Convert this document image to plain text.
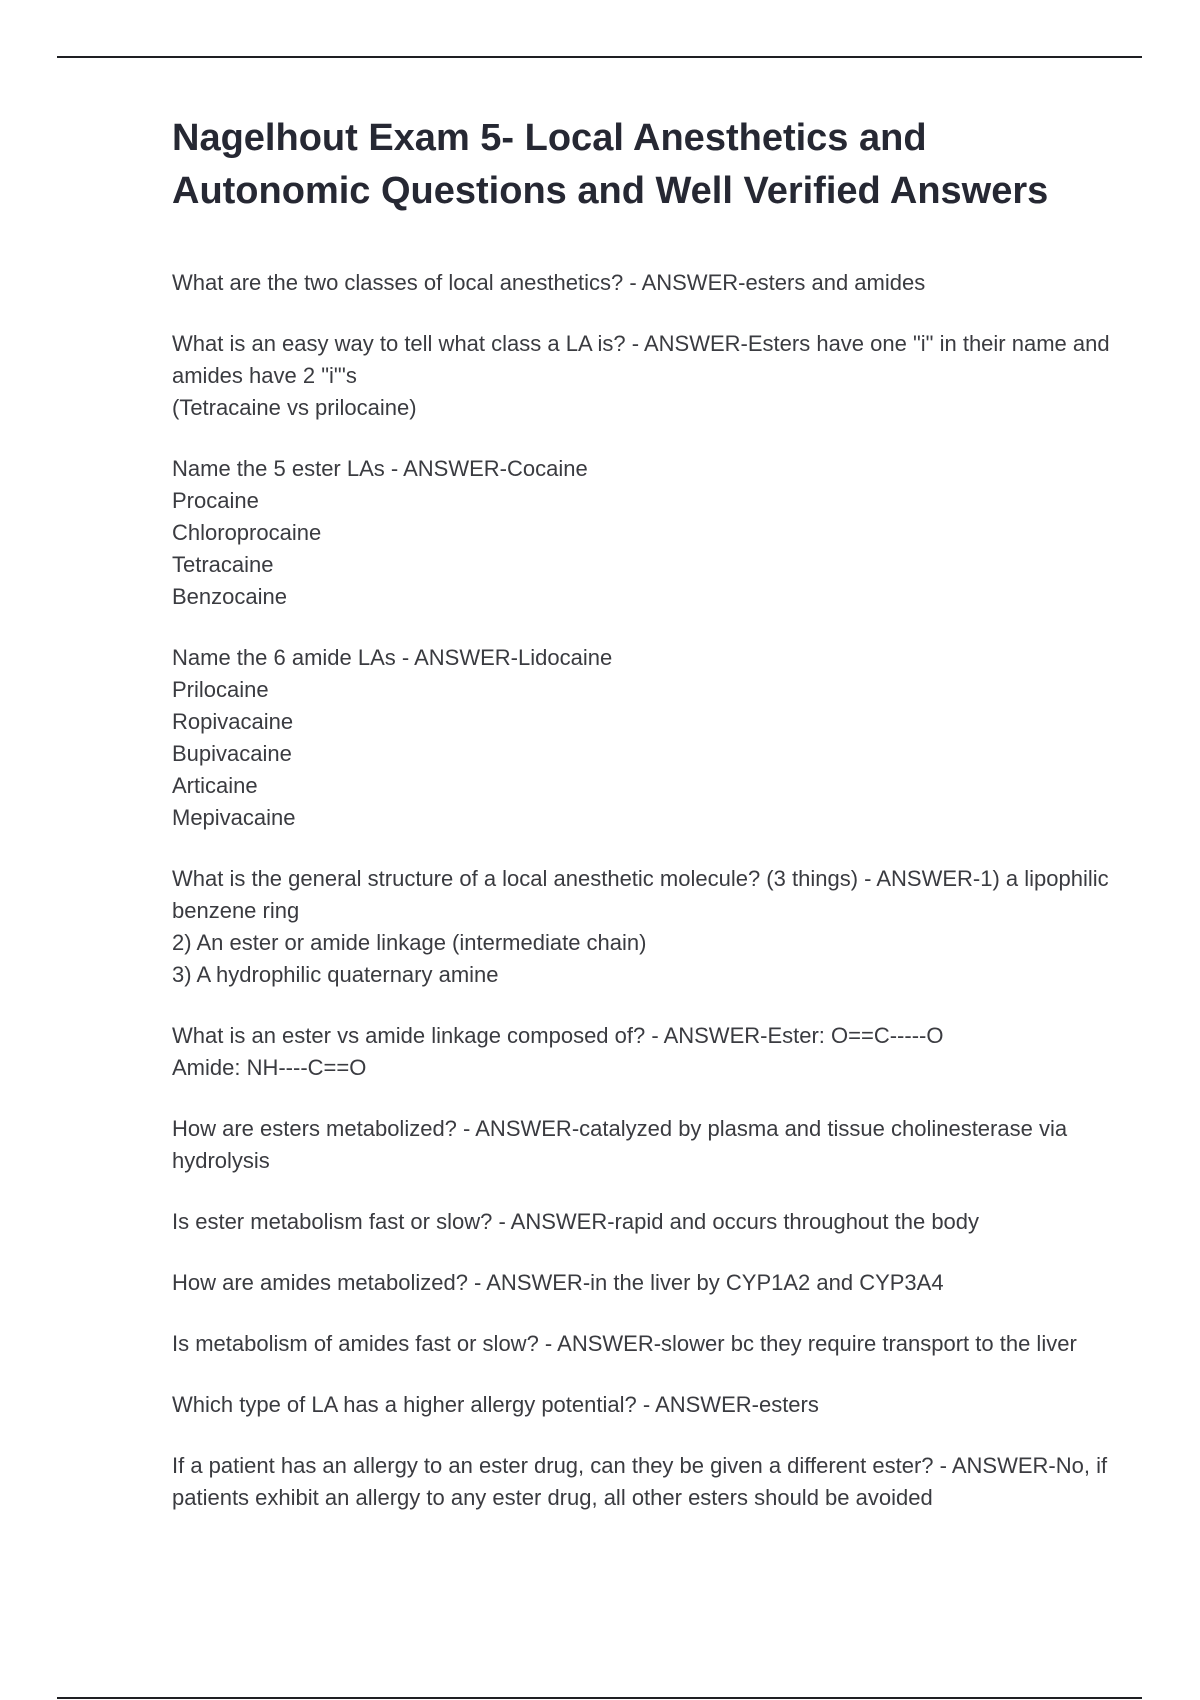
Nagelhout Exam 5- Local Anesthetics and Autonomic Questions and Well Verified Answers

What are the two classes of local anesthetics? - ANSWER-esters and amides

What is an easy way to tell what class a LA is? - ANSWER-Esters have one "i" in their name and amides have 2 "i"'s
(Tetracaine vs prilocaine)

Name the 5 ester LAs - ANSWER-Cocaine
Procaine
Chloroprocaine
Tetracaine
Benzocaine

Name the 6 amide LAs - ANSWER-Lidocaine
Prilocaine
Ropivacaine
Bupivacaine
Articaine
Mepivacaine

What is the general structure of a local anesthetic molecule? (3 things) - ANSWER-1) a lipophilic benzene ring
2) An ester or amide linkage (intermediate chain)
3) A hydrophilic quaternary amine

What is an ester vs amide linkage composed of? - ANSWER-Ester: O==C-----O
Amide: NH----C==O

How are esters metabolized? - ANSWER-catalyzed by plasma and tissue cholinesterase via hydrolysis

Is ester metabolism fast or slow? - ANSWER-rapid and occurs throughout the body

How are amides metabolized? - ANSWER-in the liver by CYP1A2 and CYP3A4

Is metabolism of amides fast or slow? - ANSWER-slower bc they require transport to the liver

Which type of LA has a higher allergy potential? - ANSWER-esters

If a patient has an allergy to an ester drug, can they be given a different ester? - ANSWER-No, if patients exhibit an allergy to any ester drug, all other esters should be avoided
